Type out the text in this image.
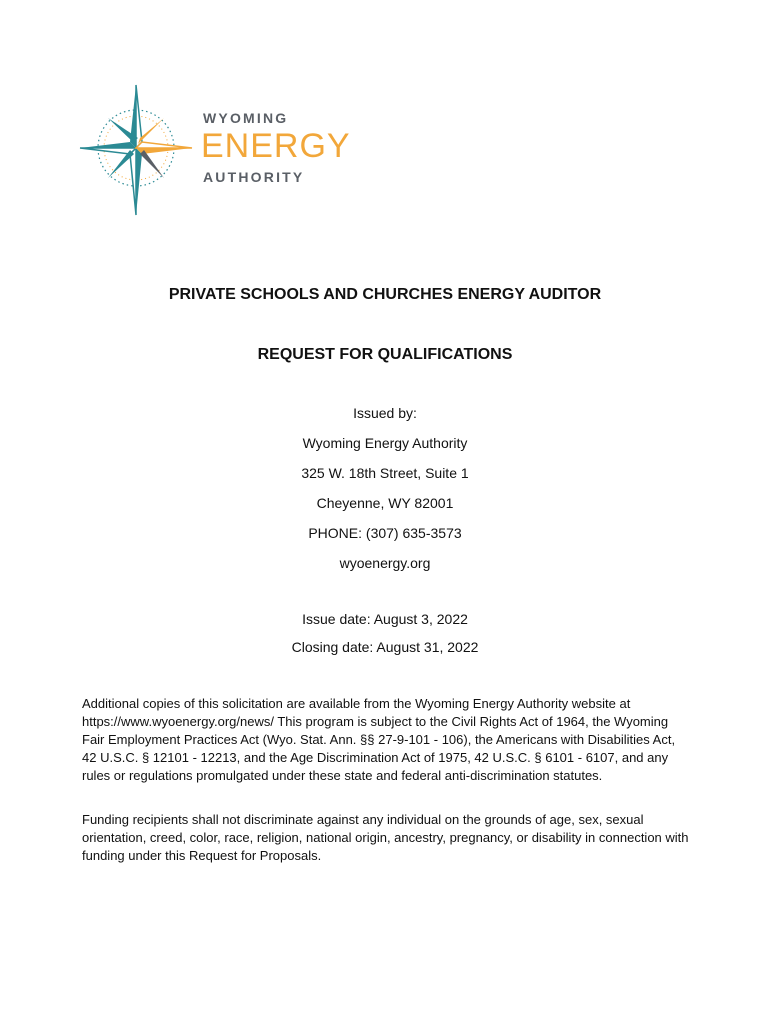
WYOMING
ENERGY
AUTHORITY
PRIVATE SCHOOLS AND CHURCHES ENERGY AUDITOR
REQUEST FOR QUALIFICATIONS
Issued by:
Wyoming Energy Authority
325 W. 18th Street, Suite 1
Cheyenne, WY 82001
PHONE: (307) 635-3573
wyoenergy.org
Issue date: August 3, 2022
Closing date: August 31, 2022
Additional copies of this solicitation are available from the Wyoming Energy Authority website at https://www.wyoenergy.org/news/ This program is subject to the Civil Rights Act of 1964, the Wyoming Fair Employment Practices Act (Wyo. Stat. Ann. §§ 27-9-101 - 106), the Americans with Disabilities Act, 42 U.S.C. § 12101 - 12213, and the Age Discrimination Act of 1975, 42 U.S.C. § 6101 - 6107, and any rules or regulations promulgated under these state and federal anti-discrimination statutes.
Funding recipients shall not discriminate against any individual on the grounds of age, sex, sexual orientation, creed, color, race, religion, national origin, ancestry, pregnancy, or disability in connection with funding under this Request for Proposals.
